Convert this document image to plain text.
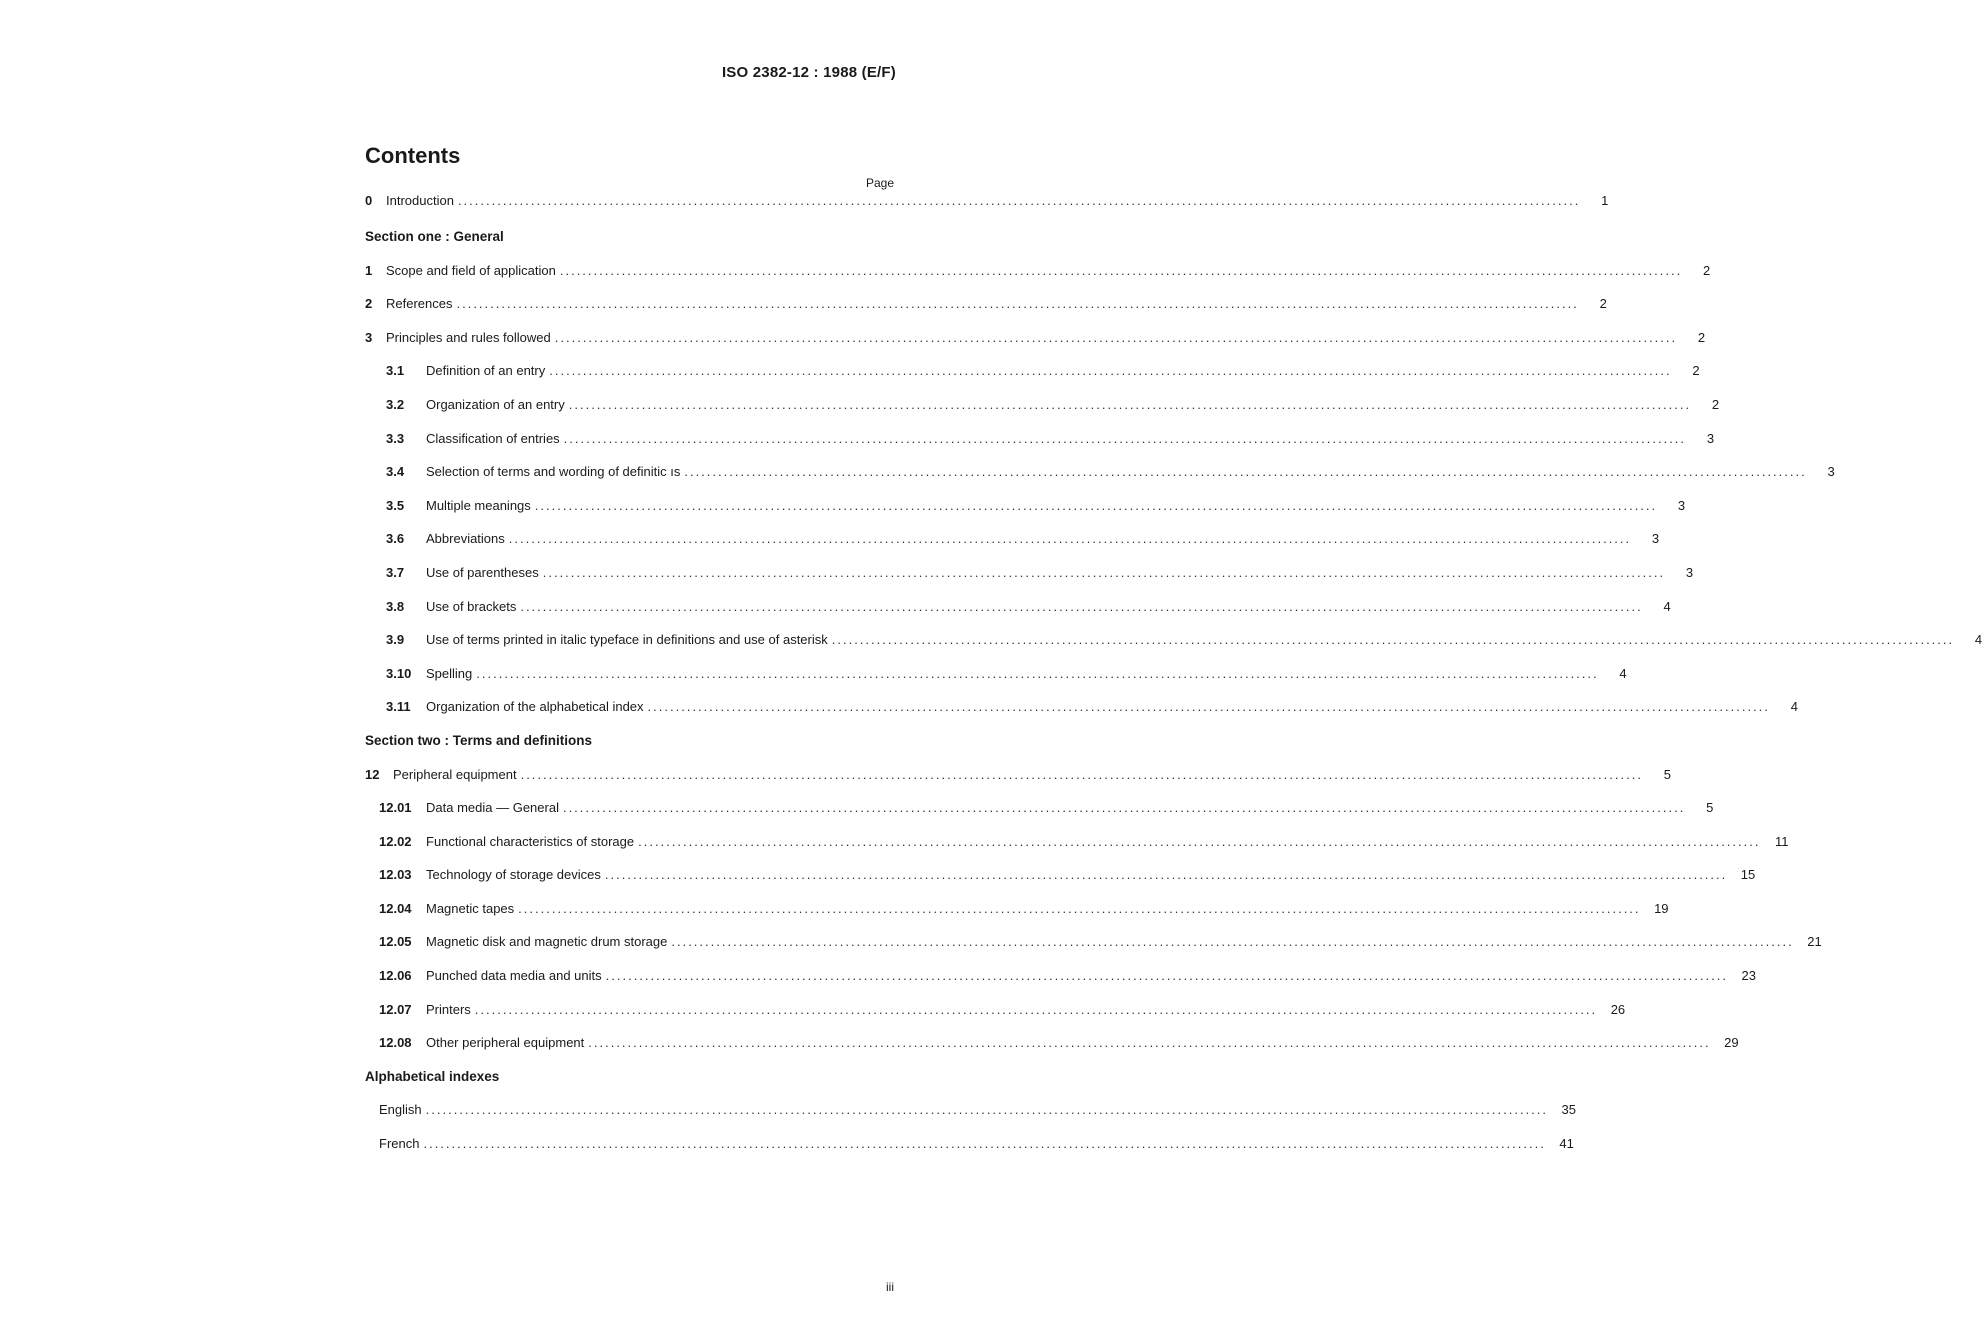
ISO 2382-12 : 1988 (E/F)
Contents
Page
0	Introduction ........................................................................................................................................................................................................	1
Section one : General
1	Scope and field of application ........................................................................................................................................................................................................	2
2	References ........................................................................................................................................................................................................	2
3	Principles and rules followed ........................................................................................................................................................................................................	2
3.1	Definition of an entry ........................................................................................................................................................................................................	2
3.2	Organization of an entry ........................................................................................................................................................................................................	2
3.3	Classification of entries ........................................................................................................................................................................................................	3
3.4	Selection of terms and wording of definitic ıs ........................................................................................................................................................................................................	3
3.5	Multiple meanings ........................................................................................................................................................................................................	3
3.6	Abbreviations ........................................................................................................................................................................................................	3
3.7	Use of parentheses ........................................................................................................................................................................................................	3
3.8	Use of brackets ........................................................................................................................................................................................................	4
3.9	Use of terms printed in italic typeface in definitions and use of asterisk ........................................................................................................................................................................................................	4
3.10	Spelling ........................................................................................................................................................................................................	4
3.11	Organization of the alphabetical index ........................................................................................................................................................................................................	4
Section two : Terms and definitions
12	Peripheral equipment ........................................................................................................................................................................................................	5
12.01	Data media — General ........................................................................................................................................................................................................	5
12.02	Functional characteristics of storage ........................................................................................................................................................................................................	11
12.03	Technology of storage devices ........................................................................................................................................................................................................	15
12.04	Magnetic tapes ........................................................................................................................................................................................................	19
12.05	Magnetic disk and magnetic drum storage ........................................................................................................................................................................................................	21
12.06	Punched data media and units ........................................................................................................................................................................................................	23
12.07	Printers ........................................................................................................................................................................................................	26
12.08	Other peripheral equipment ........................................................................................................................................................................................................	29
Alphabetical indexes
English ........................................................................................................................................................................................................	35
French ........................................................................................................................................................................................................	41
iii
